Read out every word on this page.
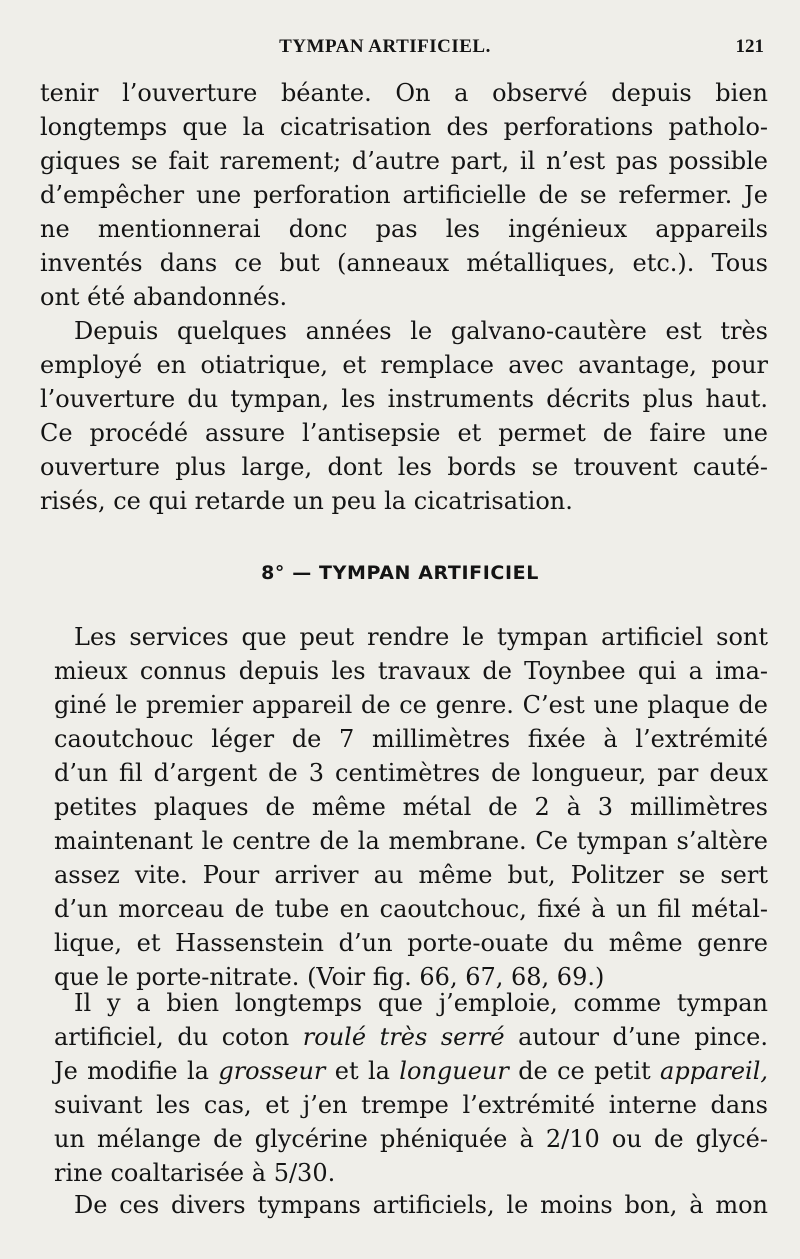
TYMPAN ARTIFICIEL.	121
tenir l’ouverture béante. On a observé depuis bien
longtemps que la cicatrisation des perforations patholo-
giques se fait rarement; d’autre part, il n’est pas possible
d’empêcher une perforation artificielle de se refermer. Je
ne mentionnerai donc pas les ingénieux appareils
inventés dans ce but (anneaux métalliques, etc.). Tous
ont été abandonnés.
Depuis quelques années le galvano-cautère est très
employé en otiatrique, et remplace avec avantage, pour
l’ouverture du tympan, les instruments décrits plus haut.
Ce procédé assure l’antisepsie et permet de faire une
ouverture plus large, dont les bords se trouvent cauté-
risés, ce qui retarde un peu la cicatrisation.
8° — TYMPAN ARTIFICIEL
Les services que peut rendre le tympan artificiel sont
mieux connus depuis les travaux de Toynbee qui a ima-
giné le premier appareil de ce genre. C’est une plaque de
caoutchouc léger de 7 millimètres fixée à l’extrémité
d’un fil d’argent de 3 centimètres de longueur, par deux
petites plaques de même métal de 2 à 3 millimètres
maintenant le centre de la membrane. Ce tympan s’altère
assez vite. Pour arriver au même but, Politzer se sert
d’un morceau de tube en caoutchouc, fixé à un fil métal-
lique, et Hassenstein d’un porte-ouate du même genre
que le porte-nitrate. (Voir fig. 66, 67, 68, 69.)
Il y a bien longtemps que j’emploie, comme tympan
artificiel, du coton roulé très serré autour d’une pince.
Je modifie la grosseur et la longueur de ce petit appareil,
suivant les cas, et j’en trempe l’extrémité interne dans
un mélange de glycérine phéniquée à 2/10 ou de glycé-
rine coaltarisée à 5/30.
De ces divers tympans artificiels, le moins bon, à mon
